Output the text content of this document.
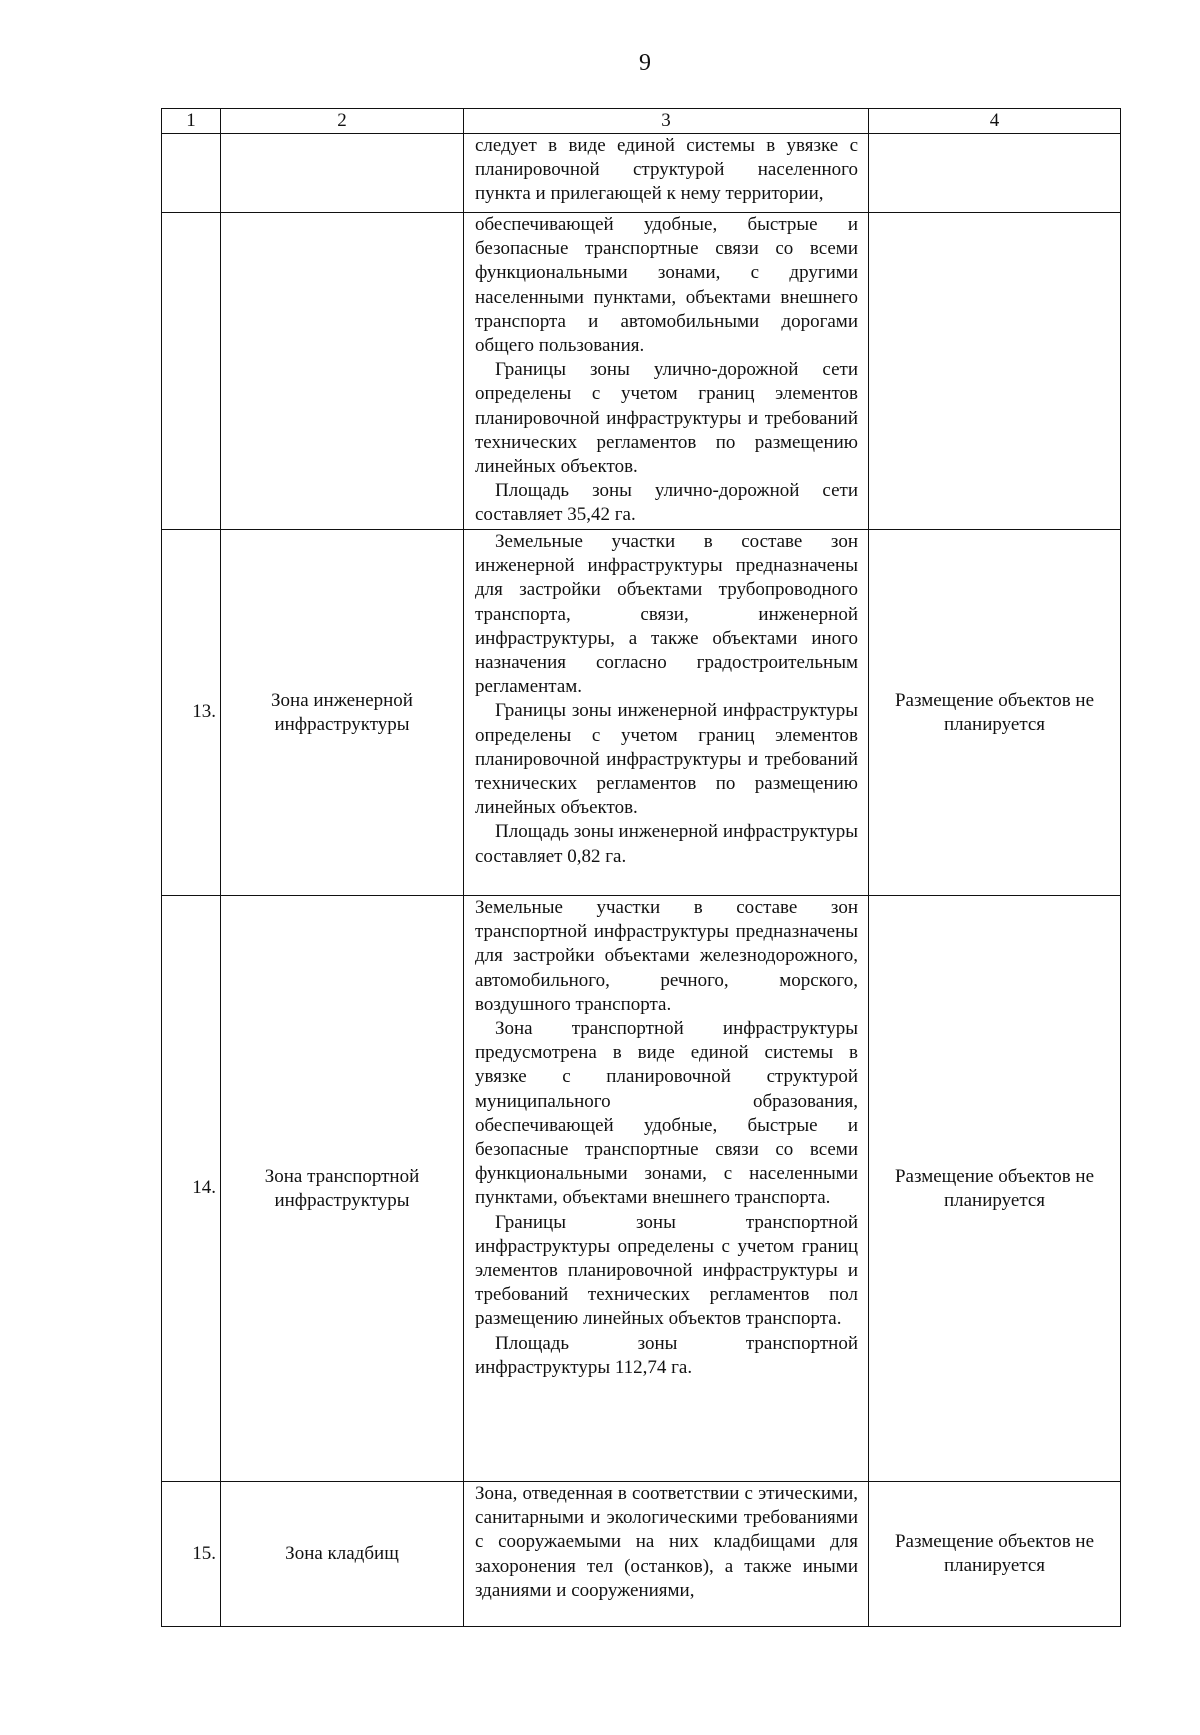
9
1	2	3	4

		следует в виде единой системы в увязке с планировочной структурой населенного пункта и прилегающей к нему территории,	

		обеспечивающей удобные, быстрые и безопасные транспортные связи со всеми функциональными зонами, с другими населенными пунктами, объектами внешнего транспорта и автомобильными дорогами общего пользования.

Границы зоны улично-дорожной сети определены с учетом границ элементов планировочной инфраструктуры и требований технических регламентов по размещению линейных объектов.

Площадь зоны улично-дорожной сети составляет 35,42 га.	

13.	Зона инженерной инфраструктуры	Земельные участки в составе зон инженерной инфраструктуры предназначены для застройки объектами трубопроводного транспорта, связи, инженерной инфраструктуры, а также объектами иного назначения согласно градостроительным регламентам.

Границы зоны инженерной инфраструктуры определены с учетом границ элементов планировочной инфраструктуры и требований технических регламентов по размещению линейных объектов.

Площадь зоны инженерной инфраструктуры составляет 0,82 га.	Размещение объектов не планируется
14.	Зона транспортной инфраструктуры	Земельные участки в составе зон транспортной инфраструктуры предназначены для застройки объектами железнодорожного, автомобильного, речного, морского, воздушного транспорта.

Зона транспортной инфраструктуры предусмотрена в виде единой системы в увязке с планировочной структурой муниципального образования, обеспечивающей удобные, быстрые и безопасные транспортные связи со всеми функциональными зонами, с населенными пунктами, объектами внешнего транспорта.

Границы зоны транспортной инфраструктуры определены с учетом границ элементов планировочной инфраструктуры и требований технических регламентов пол размещению линейных объектов транспорта.

Площадь зоны транспортной инфраструктуры 112,74 га.	Размещение объектов не планируется
15.	Зона кладбищ	Зона, отведенная в соответствии с этическими, санитарными и экологическими требованиями с сооружаемыми на них кладбищами для захоронения тел (останков), а также иными зданиями и сооружениями,	Размещение объектов не планируется
